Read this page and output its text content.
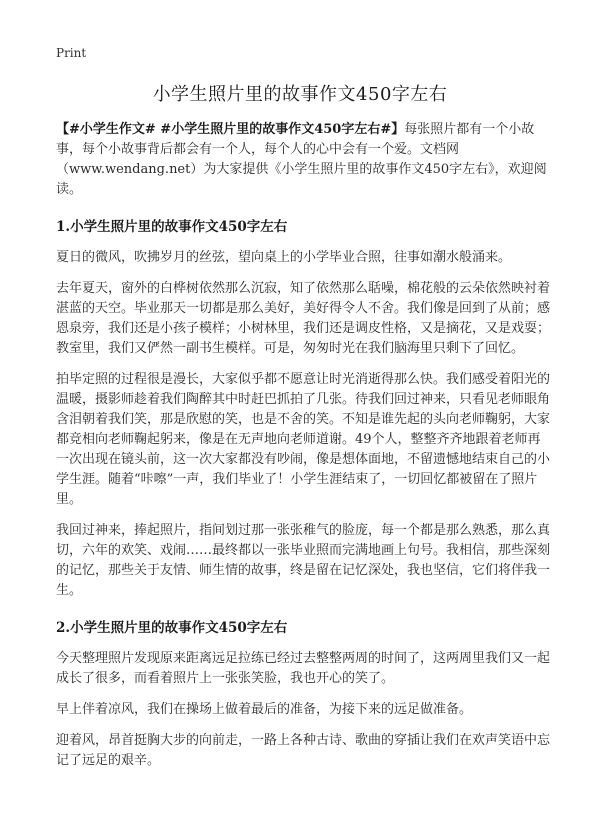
Print
小学生照片里的故事作文450字左右

【#小学生作文# #小学生照片里的故事作文450字左右#】每张照片都有一个小故事，每个小故事背后都会有一个人，每个人的心中会有一个爱。文档网（www.wendang.net）为大家提供《小学生照片里的故事作文450字左右》，欢迎阅读。

1.小学生照片里的故事作文450字左右

夏日的微风，吹拂岁月的丝弦，望向桌上的小学毕业合照，往事如潮水般涌来。

去年夏天，窗外的白桦树依然那么沉寂，知了依然那么聒噪，棉花般的云朵依然映衬着湛蓝的天空。毕业那天一切都是那么美好，美好得令人不舍。我们像是回到了从前；感恩泉旁，我们还是小孩子模样；小树林里，我们还是调皮性格，又是摘花，又是戏耍；教室里，我们又俨然一副书生模样。可是，匆匆时光在我们脑海里只剩下了回忆。

拍毕定照的过程很是漫长，大家似乎都不愿意让时光消逝得那么快。我们感受着阳光的温暖，摄影师趁着我们陶醉其中时赶巴抓拍了几张。待我们回过神来，只看见老师眼角含泪朝着我们笑，那是欣慰的笑，也是不舍的笑。不知是谁先起的头向老师鞠躬，大家都竞相向老师鞠起躬来，像是在无声地向老师道谢。49个人，整整齐齐地跟着老师再一次出现在镜头前，这一次大家都没有吵闹，像是想体面地，不留遗憾地结束自己的小学生涯。随着“咔嚓”一声，我们毕业了！小学生涯结束了，一切回忆都被留在了照片里。

我回过神来，捧起照片，指间划过那一张张稚气的脸庞，每一个都是那么熟悉，那么真切，六年的欢笑、戏闹……最终都以一张毕业照而完满地画上句号。我相信，那些深刻的记忆，那些关于友情、师生情的故事，终是留在记忆深处，我也坚信，它们将伴我一生。

2.小学生照片里的故事作文450字左右

今天整理照片发现原来距离远足拉练已经过去整整两周的时间了，这两周里我们又一起成长了很多，而看着照片上一张张笑脸，我也开心的笑了。

早上伴着凉风，我们在操场上做着最后的准备，为接下来的远足做准备。

迎着风，昂首挺胸大步的向前走，一路上各种古诗、歌曲的穿插让我们在欢声笑语中忘记了远足的艰辛。
